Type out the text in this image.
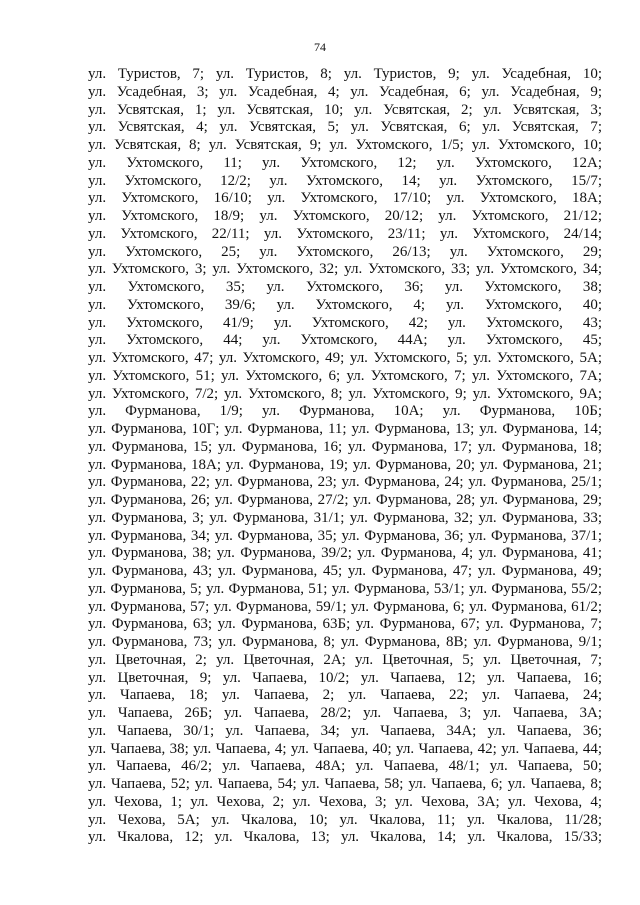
74
ул. Туристов, 7; ул. Туристов, 8; ул. Туристов, 9; ул. Усадебная, 10;
ул. Усадебная, 3; ул. Усадебная, 4; ул. Усадебная, 6; ул. Усадебная, 9;
ул. Усвятская, 1; ул. Усвятская, 10; ул. Усвятская, 2; ул. Усвятская, 3;
ул. Усвятская, 4; ул. Усвятская, 5; ул. Усвятская, 6; ул. Усвятская, 7;
ул. Усвятская, 8; ул. Усвятская, 9; ул. Ухтомского, 1/5; ул. Ухтомского, 10;
ул. Ухтомского, 11; ул. Ухтомского, 12; ул. Ухтомского, 12А;
ул. Ухтомского, 12/2; ул. Ухтомского, 14; ул. Ухтомского, 15/7;
ул. Ухтомского, 16/10; ул. Ухтомского, 17/10; ул. Ухтомского, 18А;
ул. Ухтомского, 18/9; ул. Ухтомского, 20/12; ул. Ухтомского, 21/12;
ул. Ухтомского, 22/11; ул. Ухтомского, 23/11; ул. Ухтомского, 24/14;
ул. Ухтомского, 25; ул. Ухтомского, 26/13; ул. Ухтомского, 29;
ул. Ухтомского, 3; ул. Ухтомского, 32; ул. Ухтомского, 33; ул. Ухтомского, 34;
ул. Ухтомского, 35; ул. Ухтомского, 36; ул. Ухтомского, 38;
ул. Ухтомского, 39/6; ул. Ухтомского, 4; ул. Ухтомского, 40;
ул. Ухтомского, 41/9; ул. Ухтомского, 42; ул. Ухтомского, 43;
ул. Ухтомского, 44; ул. Ухтомского, 44А; ул. Ухтомского, 45;
ул. Ухтомского, 47; ул. Ухтомского, 49; ул. Ухтомского, 5; ул. Ухтомского, 5А;
ул. Ухтомского, 51; ул. Ухтомского, 6; ул. Ухтомского, 7; ул. Ухтомского, 7А;
ул. Ухтомского, 7/2; ул. Ухтомского, 8; ул. Ухтомского, 9; ул. Ухтомского, 9А;
ул. Фурманова, 1/9; ул. Фурманова, 10А; ул. Фурманова, 10Б;
ул. Фурманова, 10Г; ул. Фурманова, 11; ул. Фурманова, 13; ул. Фурманова, 14;
ул. Фурманова, 15; ул. Фурманова, 16; ул. Фурманова, 17; ул. Фурманова, 18;
ул. Фурманова, 18А; ул. Фурманова, 19; ул. Фурманова, 20; ул. Фурманова, 21;
ул. Фурманова, 22; ул. Фурманова, 23; ул. Фурманова, 24; ул. Фурманова, 25/1;
ул. Фурманова, 26; ул. Фурманова, 27/2; ул. Фурманова, 28; ул. Фурманова, 29;
ул. Фурманова, 3; ул. Фурманова, 31/1; ул. Фурманова, 32; ул. Фурманова, 33;
ул. Фурманова, 34; ул. Фурманова, 35; ул. Фурманова, 36; ул. Фурманова, 37/1;
ул. Фурманова, 38; ул. Фурманова, 39/2; ул. Фурманова, 4; ул. Фурманова, 41;
ул. Фурманова, 43; ул. Фурманова, 45; ул. Фурманова, 47; ул. Фурманова, 49;
ул. Фурманова, 5; ул. Фурманова, 51; ул. Фурманова, 53/1; ул. Фурманова, 55/2;
ул. Фурманова, 57; ул. Фурманова, 59/1; ул. Фурманова, 6; ул. Фурманова, 61/2;
ул. Фурманова, 63; ул. Фурманова, 63Б; ул. Фурманова, 67; ул. Фурманова, 7;
ул. Фурманова, 73; ул. Фурманова, 8; ул. Фурманова, 8В; ул. Фурманова, 9/1;
ул. Цветочная, 2; ул. Цветочная, 2А; ул. Цветочная, 5; ул. Цветочная, 7;
ул. Цветочная, 9; ул. Чапаева, 10/2; ул. Чапаева, 12; ул. Чапаева, 16;
ул. Чапаева, 18; ул. Чапаева, 2; ул. Чапаева, 22; ул. Чапаева, 24;
ул. Чапаева, 26Б; ул. Чапаева, 28/2; ул. Чапаева, 3; ул. Чапаева, 3А;
ул. Чапаева, 30/1; ул. Чапаева, 34; ул. Чапаева, 34А; ул. Чапаева, 36;
ул. Чапаева, 38; ул. Чапаева, 4; ул. Чапаева, 40; ул. Чапаева, 42; ул. Чапаева, 44;
ул. Чапаева, 46/2; ул. Чапаева, 48А; ул. Чапаева, 48/1; ул. Чапаева, 50;
ул. Чапаева, 52; ул. Чапаева, 54; ул. Чапаева, 58; ул. Чапаева, 6; ул. Чапаева, 8;
ул. Чехова, 1; ул. Чехова, 2; ул. Чехова, 3; ул. Чехова, 3А; ул. Чехова, 4;
ул. Чехова, 5А; ул. Чкалова, 10; ул. Чкалова, 11; ул. Чкалова, 11/28;
ул. Чкалова, 12; ул. Чкалова, 13; ул. Чкалова, 14; ул. Чкалова, 15/33;
